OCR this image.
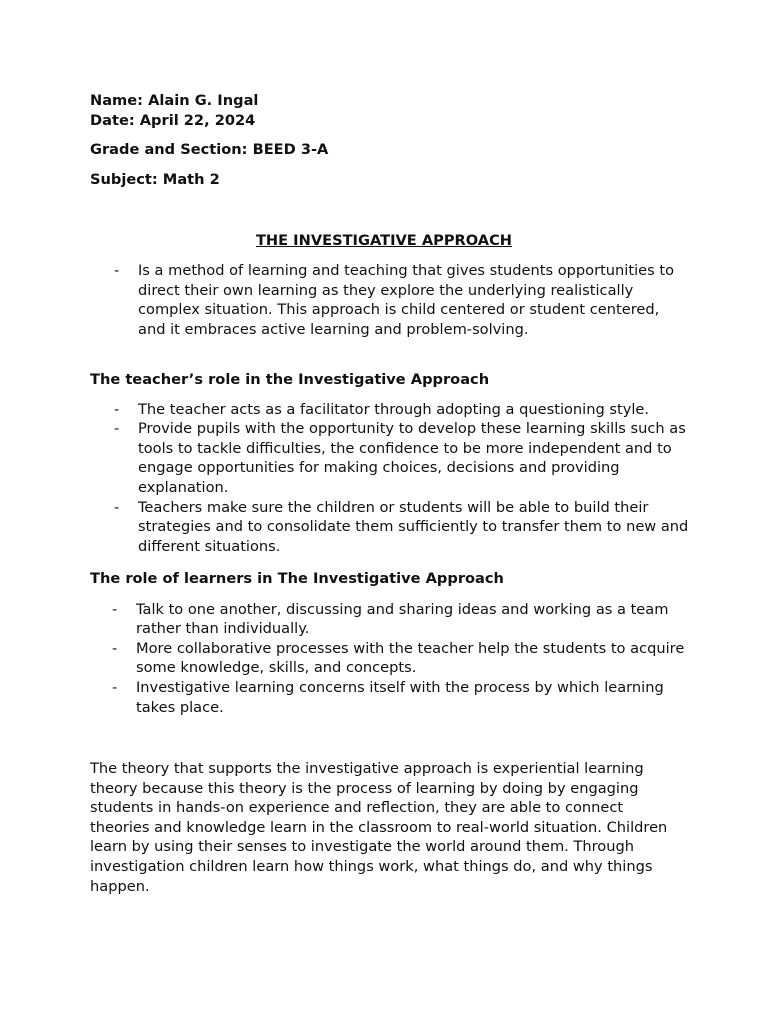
Name: Alain G. Ingal
Date: April 22, 2024
Grade and Section: BEED 3-A
Subject: Math 2
THE INVESTIGATIVE APPROACH
- Is a method of learning and teaching that gives students opportunities to direct their own learning as they explore the underlying realistically complex situation. This approach is child centered or student centered, and it embraces active learning and problem-solving.
The teacher’s role in the Investigative Approach
- The teacher acts as a facilitator through adopting a questioning style.
- Provide pupils with the opportunity to develop these learning skills such as tools to tackle difficulties, the confidence to be more independent and to engage opportunities for making choices, decisions and providing explanation.
- Teachers make sure the children or students will be able to build their strategies and to consolidate them sufficiently to transfer them to new and different situations.
The role of learners in The Investigative Approach
- Talk to one another, discussing and sharing ideas and working as a team rather than individually.
- More collaborative processes with the teacher help the students to acquire some knowledge, skills, and concepts.
- Investigative learning concerns itself with the process by which learning takes place.

The theory that supports the investigative approach is experiential learning theory because this theory is the process of learning by doing by engaging students in hands-on experience and reflection, they are able to connect theories and knowledge learn in the classroom to real-world situation. Children learn by using their senses to investigate the world around them. Through investigation children learn how things work, what things do, and why things happen.
